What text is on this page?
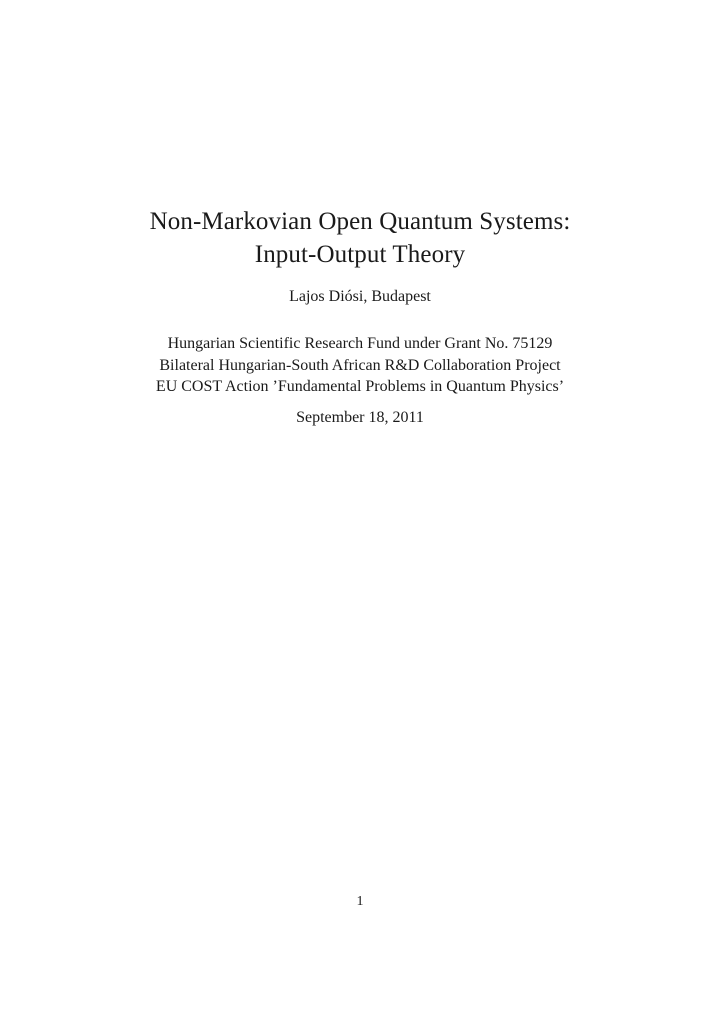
Non-Markovian Open Quantum Systems:
Input-Output Theory
Lajos Diósi, Budapest
Hungarian Scientific Research Fund under Grant No. 75129
Bilateral Hungarian-South African R&D Collaboration Project
EU COST Action ’Fundamental Problems in Quantum Physics’
September 18, 2011
1
